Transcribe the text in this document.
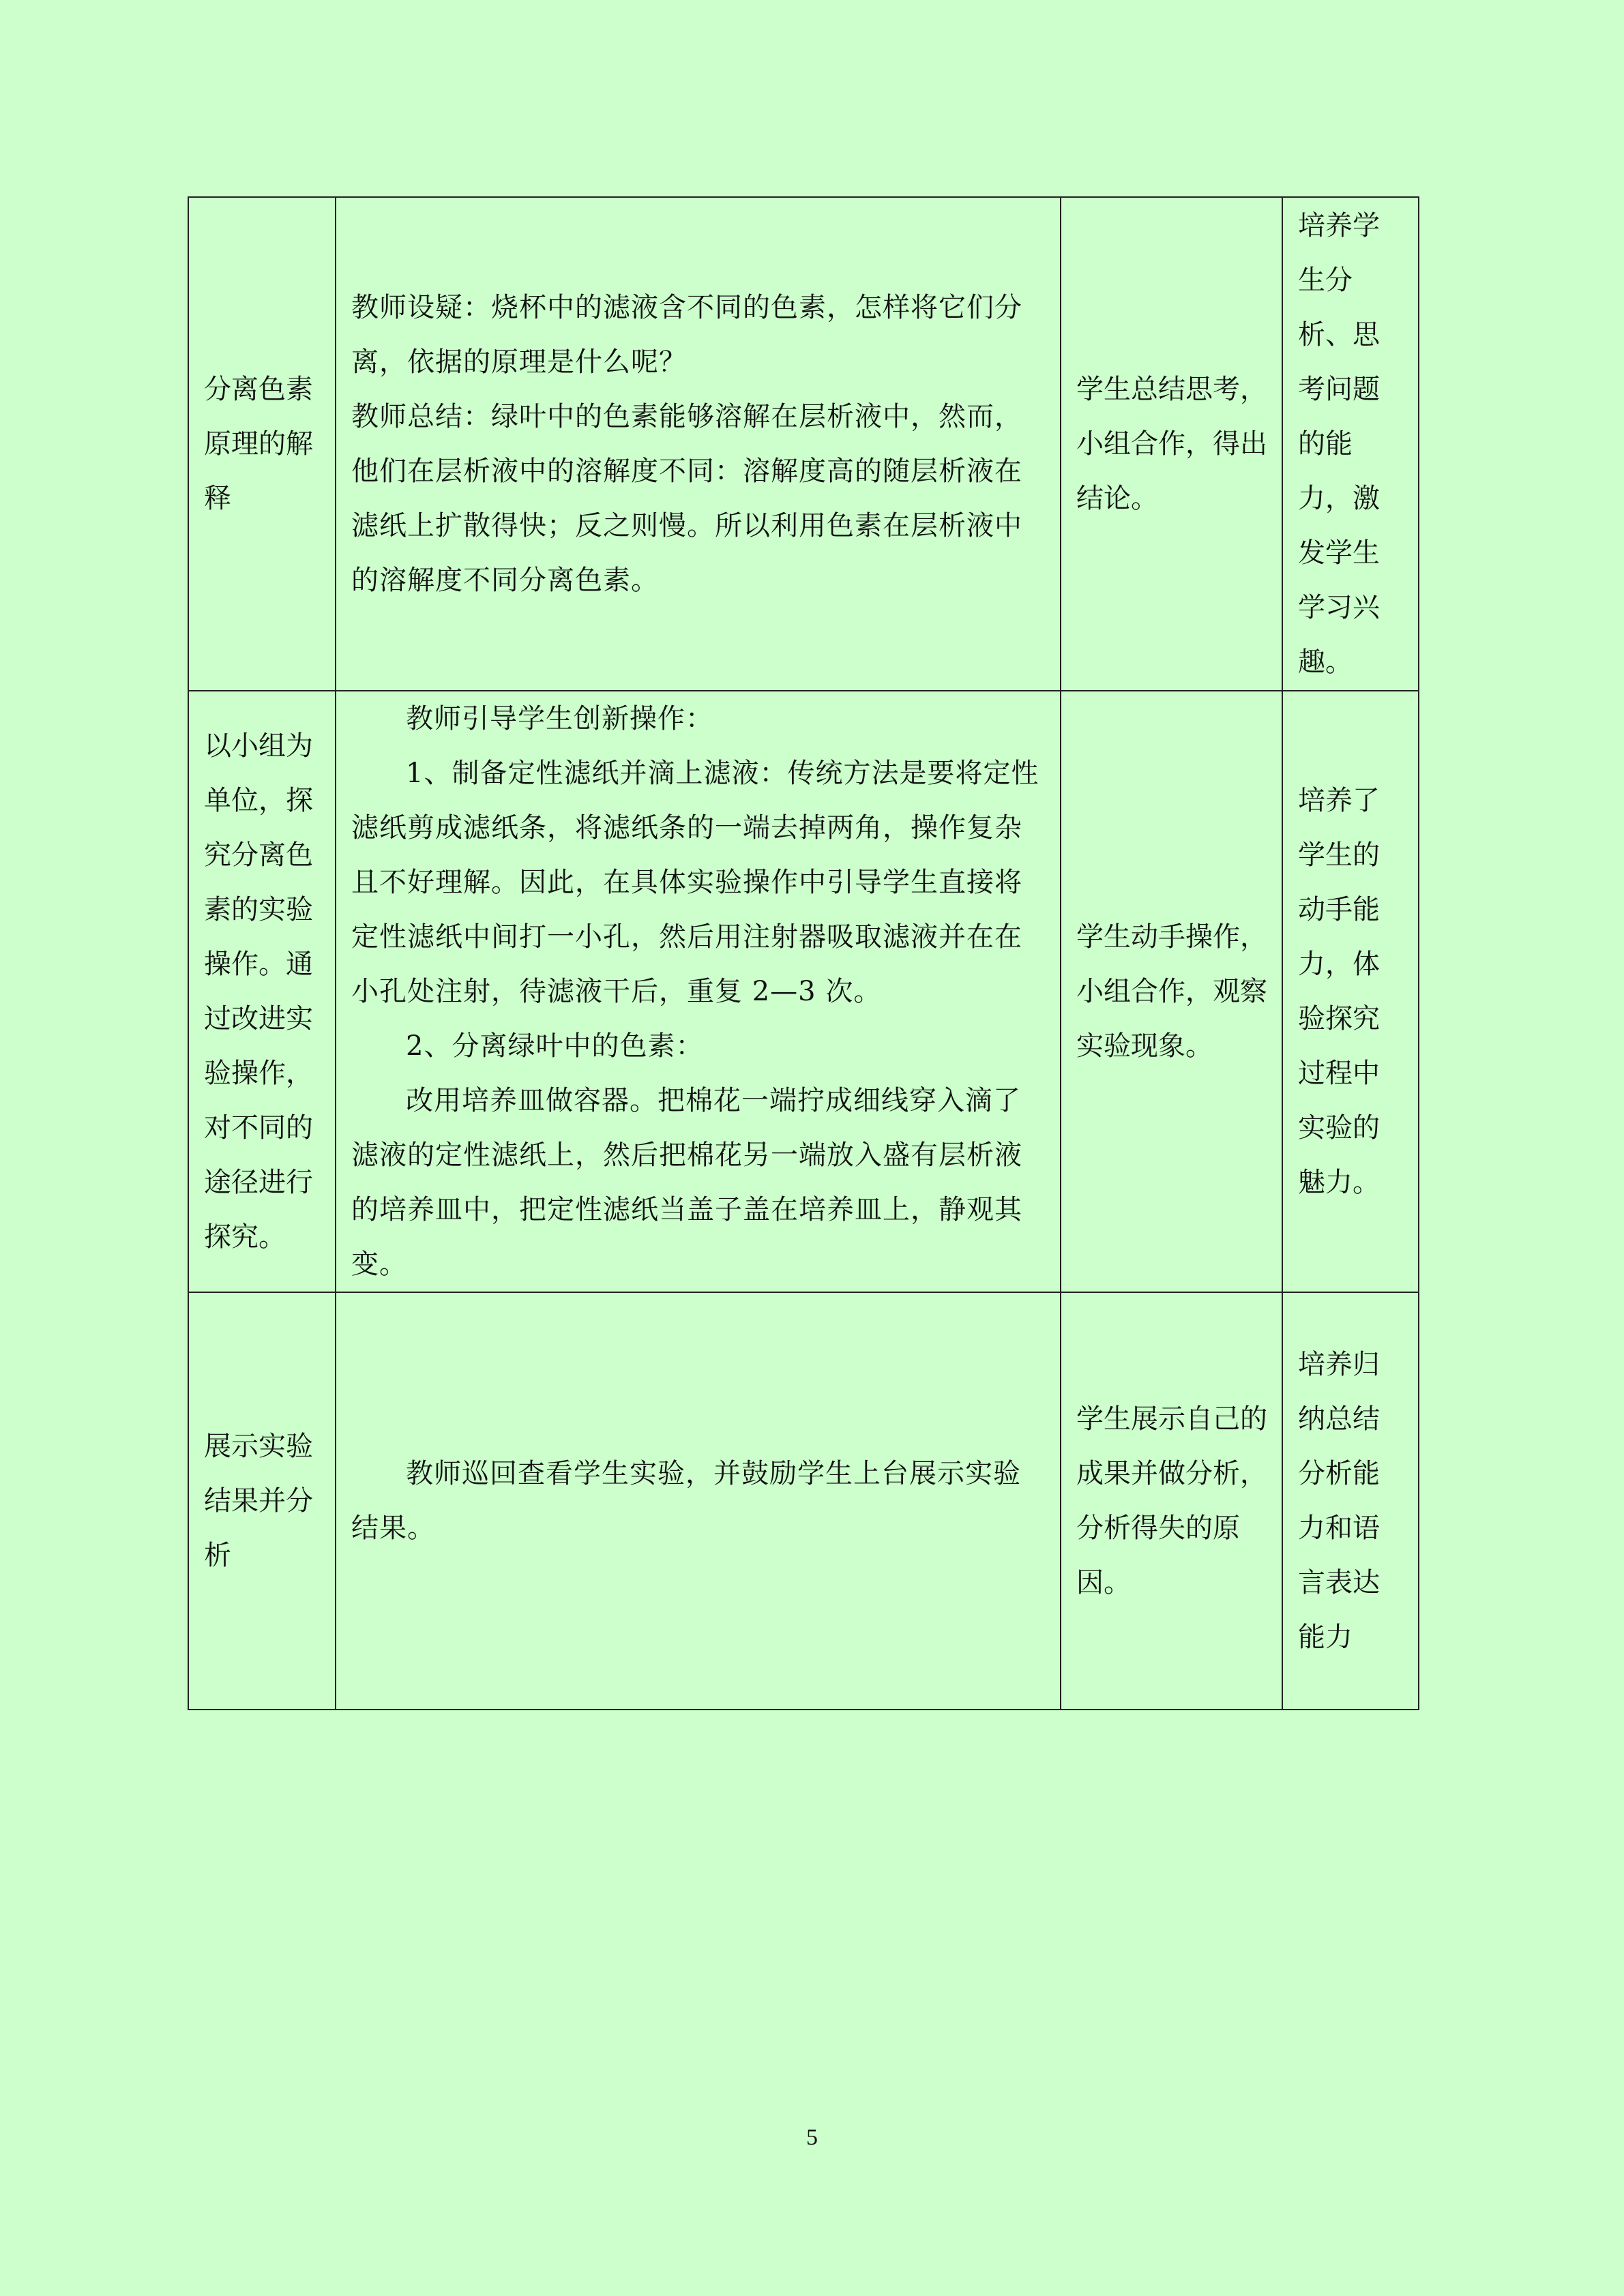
分离色素原理的解释	教师设疑：烧杯中的滤液含不同的色素，怎样将它们分离，依据的原理是什么呢？
教师总结：绿叶中的色素能够溶解在层析液中，然而，他们在层析液中的溶解度不同：溶解度高的随层析液在滤纸上扩散得快；反之则慢。所以利用色素在层析液中的溶解度不同分离色素。	学生总结思考，小组合作，得出结论。	培养学生分析、思考问题的能力，激发学生学习兴趣。
以小组为单位，探究分离色素的实验操作。通过改进实验操作，对不同的途径进行探究。	教师引导学生创新操作：
1、制备定性滤纸并滴上滤液：传统方法是要将定性滤纸剪成滤纸条，将滤纸条的一端去掉两角，操作复杂且不好理解。因此，在具体实验操作中引导学生直接将定性滤纸中间打一小孔，然后用注射器吸取滤液并在在小孔处注射，待滤液干后，重复 2—3 次。
2、分离绿叶中的色素：
改用培养皿做容器。把棉花一端拧成细线穿入滴了滤液的定性滤纸上，然后把棉花另一端放入盛有层析液的培养皿中，把定性滤纸当盖子盖在培养皿上，静观其变。	学生动手操作，小组合作，观察实验现象。	培养了学生的动手能力，体验探究过程中实验的魅力。
展示实验结果并分析	教师巡回查看学生实验，并鼓励学生上台展示实验结果。	学生展示自己的成果并做分析，分析得失的原因。	培养归纳总结分析能力和语言表达能力
5
